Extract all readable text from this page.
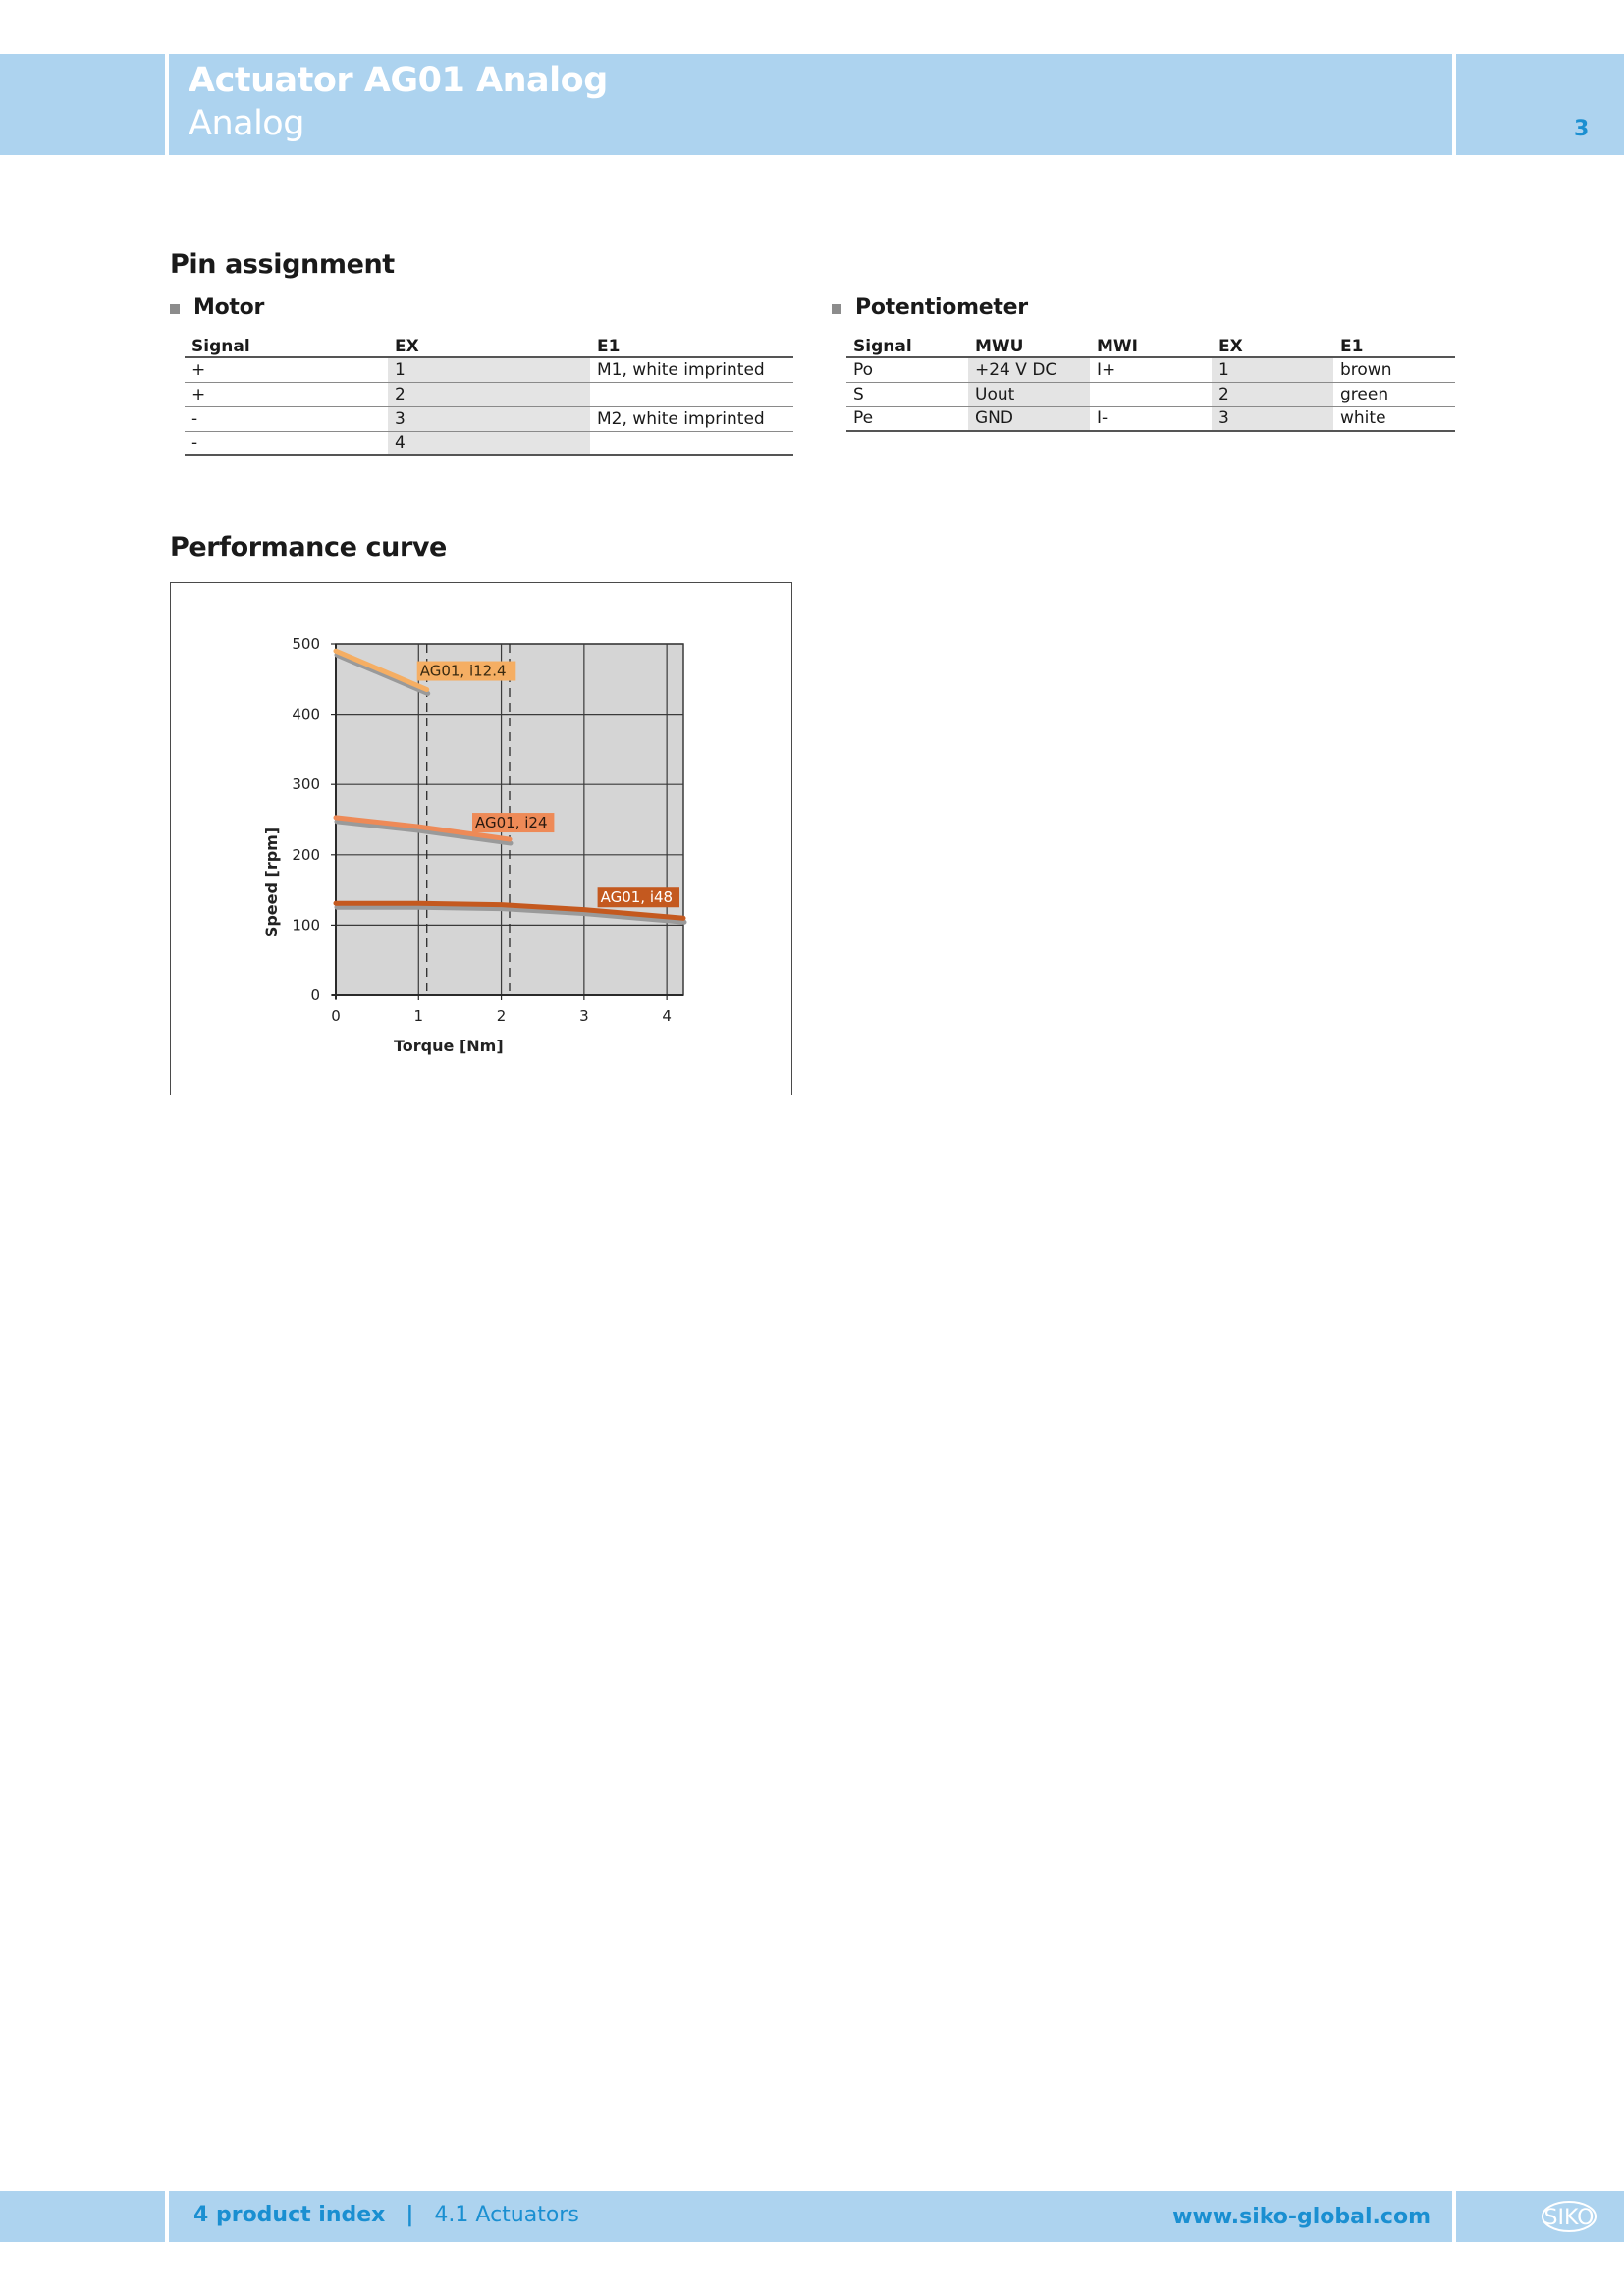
Actuator AG01 Analog
Analog	3
Pin assignment
Motor
Signal	EX	E1
+	1	M1, white imprinted
+	2	
-	3	M2, white imprinted
-	4	
Potentiometer
Signal	MWU	MWI	EX	E1
Po	+24 V DC	I+	1	brown
S	Uout		2	green
Pe	GND	I-	3	white
Performance curve
0
100
200
300
400
500
0	1	2	3	4
Torque [Nm]
Speed [rpm]
AG01, i12.4
AG01, i24
AG01, i48
4 product index | 4.1 Actuators	www.siko-global.com	SIKO
